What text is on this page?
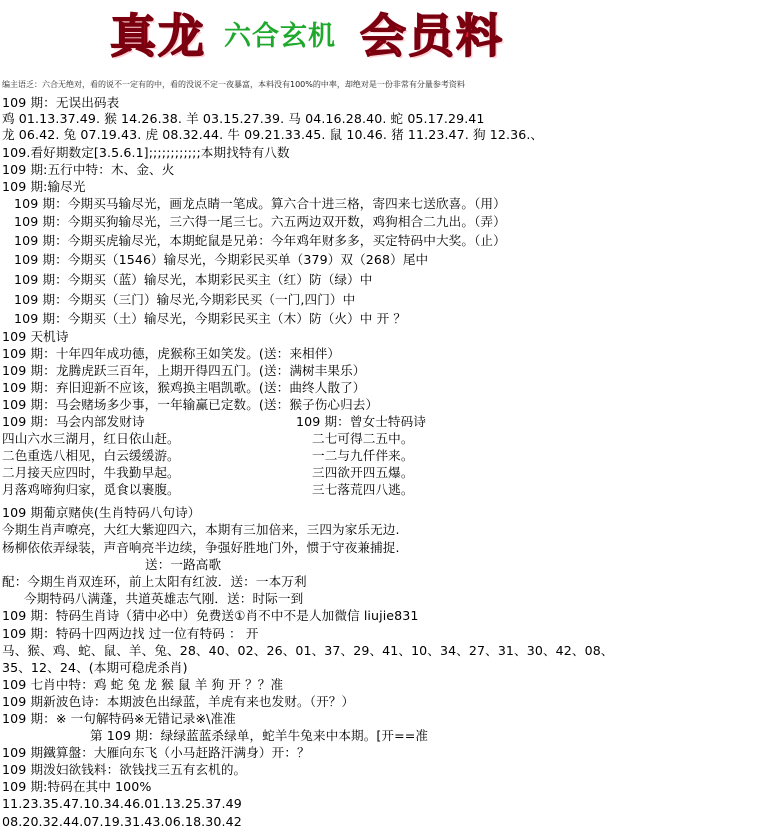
真龙 六合玄机 会员料
编主语乏：六合无绝对，看的说不一定有的中，看的没说不定一夜暴富，本料没有100%的中率，却绝对是一份非常有分量参考资料
109 期：无误出码表
鸡 01.13.37.49. 猴 14.26.38. 羊 03.15.27.39. 马 04.16.28.40. 蛇 05.17.29.41
龙 06.42. 兔 07.19.43. 虎 08.32.44. 牛 09.21.33.45. 鼠 10.46. 猪 11.23.47. 狗 12.36.、
109.看好期数定[3.5.6.1];;;;;;;;;;;;本期找特有八数
109 期:五行中特：木、金、火
109 期:输尽光
109 期：今期买马输尽光，画龙点睛一笔成。算六合十进三格，寄四来七送欣喜。（用）
109 期：今期买狗输尽光，三六得一尾三七。六五两边双开数，鸡狗相合二九出。（弄）
109 期：今期买虎输尽光，本期蛇鼠是兄弟：今年鸡年财多多，买定特码中大奖。（止）
109 期：今期买（1546）输尽光，今期彩民买单（379）双（268）尾中
109 期：今期买（蓝）输尽光，本期彩民买主（红）防（绿）中
109 期：今期买（三门）输尽光,今期彩民买（一门,四门）中
109 期：今期买（土）输尽光，今期彩民买主（木）防（火）中 开 ？
109 天机诗
109 期：十年四年成功德，虎猴称王如笑发。(送：来相伴）
109 期：龙腾虎跃三百年，上期开得四五门。(送：满树丰果乐）
109 期：弃旧迎新不应该，猴鸡换主唱凯歌。(送：曲终人散了）
109 期：马会赌场多少事，一年输赢已定数。(送：猴子伤心归去）
109 期：马会内部发财诗	109 期：曾女士特码诗
四山六水三湖月，红日依山赶。	二七可得二五中。
二色重选八相见，白云缓缓游。	一二与九仟伴来。
二月接天应四时，牛我勤早起。	三四欲开四五爆。
月落鸡啼狗归家，觅食以裹腹。	三七落荒四八逃。
109 期葡京赌侠(生肖特码八句诗）
今期生肖声嘹亮，大红大紫迎四六，本期有三加倍来，三四为家乐无边.
杨柳依依弄绿装，声音响亮半边续，争强好胜地门外，惯于守夜兼捕捉.
送：一路高歌
配：今期生肖双连环，前上太阳有红波．送：一本万利
今期特码八满蓬，共道英雄志气刚．送：时际一到
109 期：特码生肖诗（猜中必中） 免费送①肖不中不是人加微信 liujie831
109 期：特码十四两边找 过一位有特码 ： 开
马、猴、鸡、蛇、鼠、羊、兔、28、40、02、26、01、37、29、41、10、34、27、31、30、42、08、
35、12、24、(本期可稳虎杀肖)
109 七肖中特：鸡 蛇 兔 龙 猴 鼠 羊 狗 开 ？？准
109 期新波色诗：本期波色出绿蓝，羊虎有来也发财。（开？）
109 期：※ 一句解特码※无错记录※\准准
第 109 期：绿绿蓝蓝杀绿单，蛇羊牛兔来中本期。[开==准
109 期鐵算盤：大雁向东飞（小马赶路汗满身）开：？
109 期泼妇欲钱料：欲钱找三五有玄机的。
109 期:特码在其中 100%
11.23.35.47.10.34.46.01.13.25.37.49
08.20.32.44.07.19.31.43.06.18.30.42
